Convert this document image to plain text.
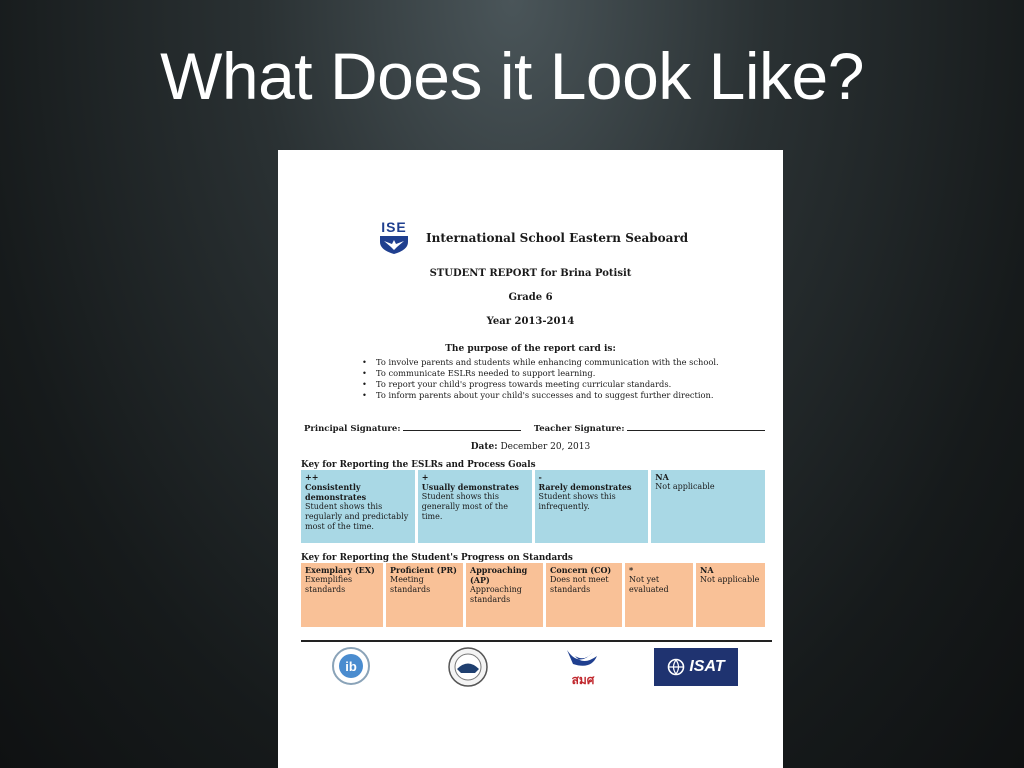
What Does it Look Like?
ISE
International School Eastern Seaboard
STUDENT REPORT for Brina Potisit
Grade 6
Year 2013-2014
The purpose of the report card is:
• To involve parents and students while enhancing communication with the school.
• To communicate ESLRs needed to support learning.
• To report your child's progress towards meeting curricular standards.
• To inform parents about your child's successes and to suggest further direction.
Principal Signature:	Teacher Signature:
Date: December 20, 2013
Key for Reporting the ESLRs and Process Goals
++
Consistently demonstrates
Student shows this regularly and predictably most of the time.
+
Usually demonstrates
Student shows this generally most of the time.
-
Rarely demonstrates
Student shows this infrequently.
NA
Not applicable
Key for Reporting the Student's Progress on Standards
Exemplary (EX)
Exemplifies standards
Proficient (PR)
Meeting standards
Approaching (AP)
Approaching standards
Concern (CO)
Does not meet standards
*
Not yet evaluated
NA
Not applicable
ib
สมศ
ISAT
